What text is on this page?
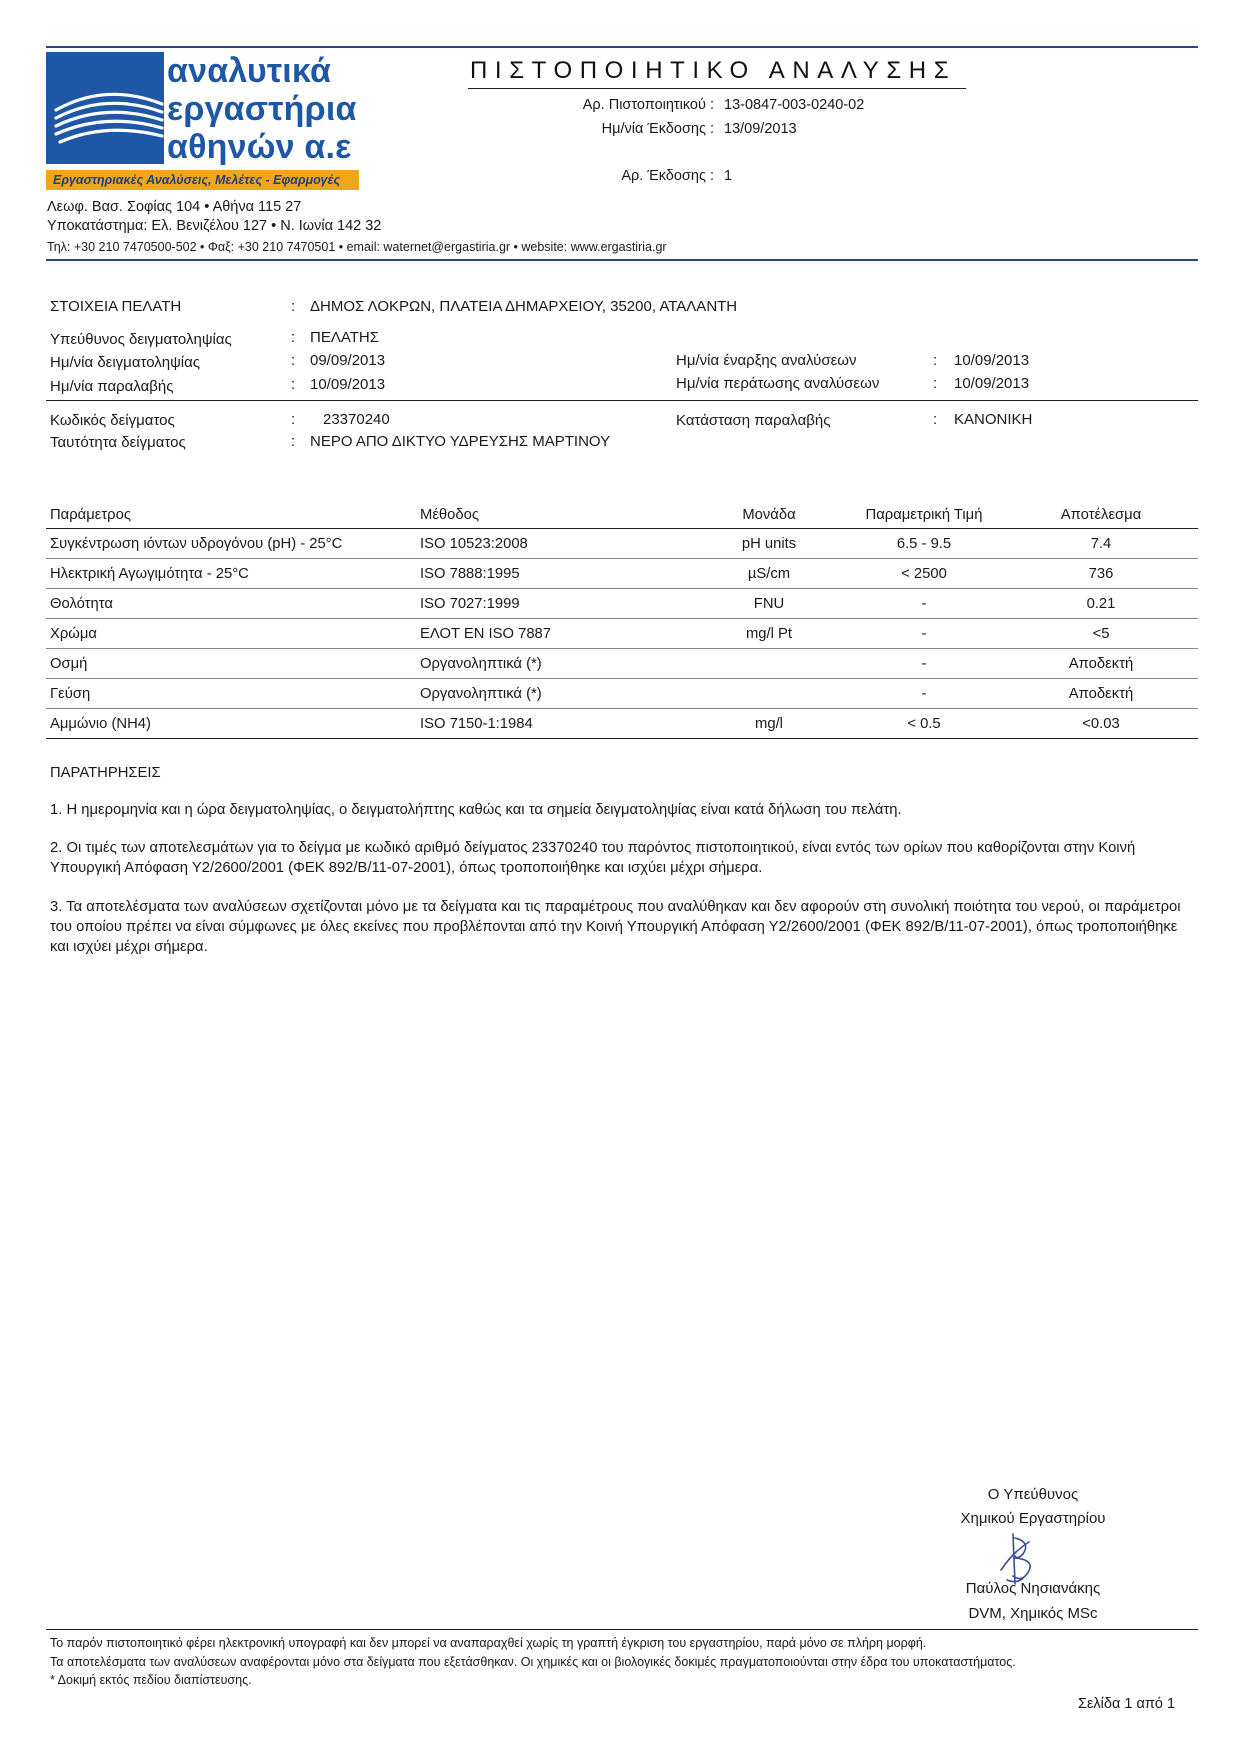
αναλυτικά
εργαστήρια
αθηνών α.ε
Εργαστηριακές Αναλύσεις, Μελέτες - Εφαρμογές
Λεωφ. Βασ. Σοφίας 104 • Αθήνα 115 27
Υποκατάστημα: Ελ. Βενιζέλου 127 • Ν. Ιωνία 142 32
Τηλ: +30 210 7470500-502 • Φαξ: +30 210 7470501 • email: waternet@ergastiria.gr • website: www.ergastiria.gr
ΠΙΣΤΟΠΟΙΗΤΙΚΟ ΑΝΑΛΥΣΗΣ
Αρ. Πιστοποιητικού : 13-0847-003-0240-02
Ημ/νία Έκδοσης : 13/09/2013
Αρ. Έκδοσης : 1
ΣΤΟΙΧΕΙΑ ΠΕΛΑΤΗ	: ΔΗΜΟΣ ΛΟΚΡΩΝ, ΠΛΑΤΕΙΑ ΔΗΜΑΡΧΕΙΟΥ, 35200, ΑΤΑΛΑΝΤΗ
Υπεύθυνος δειγματοληψίας	: ΠΕΛΑΤΗΣ
Ημ/νία δειγματοληψίας	: 09/09/2013
Ημ/νία παραλαβής	: 10/09/2013
Ημ/νία έναρξης αναλύσεων	: 10/09/2013
Ημ/νία περάτωσης αναλύσεων	: 10/09/2013
Κωδικός δείγματος	: 23370240
Ταυτότητα δείγματος	: ΝΕΡΟ ΑΠΟ ΔΙΚΤΥΟ ΥΔΡΕΥΣΗΣ ΜΑΡΤΙΝΟΥ
Κατάσταση παραλαβής	: ΚΑΝΟΝΙΚΗ
Παράμετρος	Μέθοδος	Μονάδα	Παραμετρική Τιμή	Αποτέλεσμα
Συγκέντρωση ιόντων υδρογόνου (pH) - 25°C	ISO 10523:2008	pH units	6.5 - 9.5	7.4
Ηλεκτρική Αγωγιμότητα - 25°C	ISO 7888:1995	µS/cm	< 2500	736
Θολότητα	ISO 7027:1999	FNU	-	0.21
Χρώμα	ΕΛΟΤ ΕΝ ISO 7887	mg/l Pt	-	<5
Οσμή	Οργανοληπτικά (*)		-	Αποδεκτή
Γεύση	Οργανοληπτικά (*)		-	Αποδεκτή
Αμμώνιο (NH4)	ISO 7150-1:1984	mg/l	< 0.5	<0.03
ΠΑΡΑΤΗΡΗΣΕΙΣ
1. Η ημερομηνία και η ώρα δειγματοληψίας, ο δειγματολήπτης καθώς και τα σημεία δειγματοληψίας είναι κατά δήλωση του πελάτη.
2. Οι τιμές των αποτελεσμάτων για το δείγμα με κωδικό αριθμό δείγματος 23370240 του παρόντος πιστοποιητικού, είναι εντός των ορίων που καθορίζονται στην Κοινή Υπουργική Απόφαση Υ2/2600/2001 (ΦΕΚ 892/Β/11-07-2001), όπως τροποποιήθηκε και ισχύει μέχρι σήμερα.
3. Τα αποτελέσματα των αναλύσεων σχετίζονται μόνο με τα δείγματα και τις παραμέτρους που αναλύθηκαν και δεν αφορούν στη συνολική ποιότητα του νερού, οι παράμετροι του οποίου πρέπει να είναι σύμφωνες με όλες εκείνες που προβλέπονται από την Κοινή Υπουργική Απόφαση Υ2/2600/2001 (ΦΕΚ 892/Β/11-07-2001), όπως τροποποιήθηκε και ισχύει μέχρι σήμερα.
Ο Υπεύθυνος
Χημικού Εργαστηρίου
Παύλος Νησιανάκης
DVM, Χημικός MSc
Το παρόν πιστοποιητικό φέρει ηλεκτρονική υπογραφή και δεν μπορεί να αναπαραχθεί χωρίς τη γραπτή έγκριση του εργαστηρίου, παρά μόνο σε πλήρη μορφή.
Τα αποτελέσματα των αναλύσεων αναφέρονται μόνο στα δείγματα που εξετάσθηκαν. Οι χημικές και οι βιολογικές δοκιμές πραγματοποιούνται στην έδρα του υποκαταστήματος.
* Δοκιμή εκτός πεδίου διαπίστευσης.
Σελίδα 1 από 1
